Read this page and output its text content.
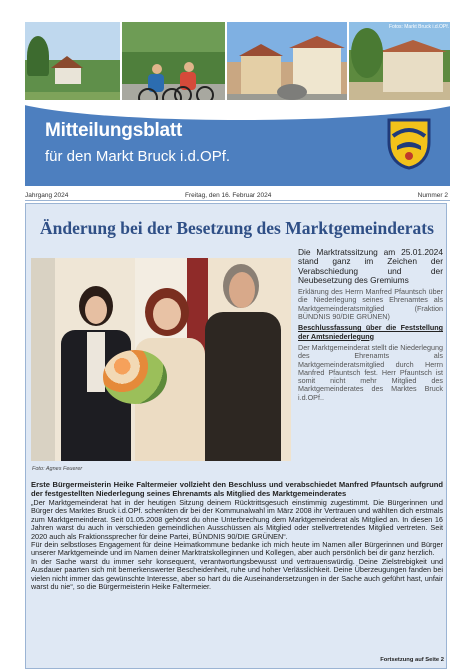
Fotos: Markt Bruck i.d.OPf.
Mitteilungsblatt
für den Markt Bruck i.d.OPf.
Jahrgang 2024	Freitag, den 16. Februar 2024	Nummer 2
Änderung bei der Besetzung des Marktgemeinderats
Foto: Agnes Feuerer

Die Marktratssitzung am 25.01.2024 stand ganz im Zeichen der Verabschiedung und der Neubesetzung des Gremiums

Erklärung des Herrn Manfred Pfauntsch über die Niederlegung seines Ehrenamtes als Marktgemeinderatsmitglied (Fraktion BÜNDNIS 90/DIE GRÜNEN)

Beschlussfassung über die Feststellung der Amtsniederlegung

Der Marktgemeinderat stellt die Niederlegung des Ehrenamts als Marktgemeinderatsmitglied durch Herrn Manfred Pfauntsch fest. Herr Pfauntsch ist somit nicht mehr Mitglied des Marktgemeinderates des Marktes Bruck i.d.OPf..

Erste Bürgermeisterin Heike Faltermeier vollzieht den Beschluss und verabschiedet Manfred Pfauntsch aufgrund der festgestellten Niederlegung seines Ehrenamts als Mitglied des Marktgemeinderates

„Der Marktgemeinderat hat in der heutigen Sitzung deinem Rücktrittsgesuch einstimmig zugestimmt. Die Bürgerinnen und Bürger des Marktes Bruck i.d.OPf. schenkten dir bei der Kommunalwahl im März 2008 ihr Vertrauen und wählten dich erstmals zum Marktgemeinderat. Seit 01.05.2008 gehörst du ohne Unterbrechung dem Marktgemeinderat als Mitglied an. In diesen 16 Jahren warst du auch in verschieden gemeindlichen Ausschüssen als Mitglied oder stellvertretendes Mitglied vertreten. Seit 2020 auch als Fraktionssprecher für deine Partei, BÜNDNIS 90/DIE GRÜNEN“.

Für dein selbstloses Engagement für deine Heimatkommune bedanke ich mich heute im Namen aller Bürgerinnen und Bürger unserer Marktgemeinde und im Namen deiner Marktratskolleginnen und Kollegen, aber auch persönlich bei dir ganz herzlich.

In der Sache warst du immer sehr konsequent, verantwortungsbewusst und vertrauenswürdig. Deine Zielstrebigkeit und Ausdauer paarten sich mit bemerkenswerter Bescheidenheit, ruhe und hoher Verlässlichkeit. Deine Überzeugungen fanden bei vielen nicht immer das gewünschte Interesse, aber so hart du die Auseinandersetzungen in der Sache auch geführt hast, unfair warst du nie“, so die Bürgermeisterin Heike Faltermeier.

Fortsetzung auf Seite 2
